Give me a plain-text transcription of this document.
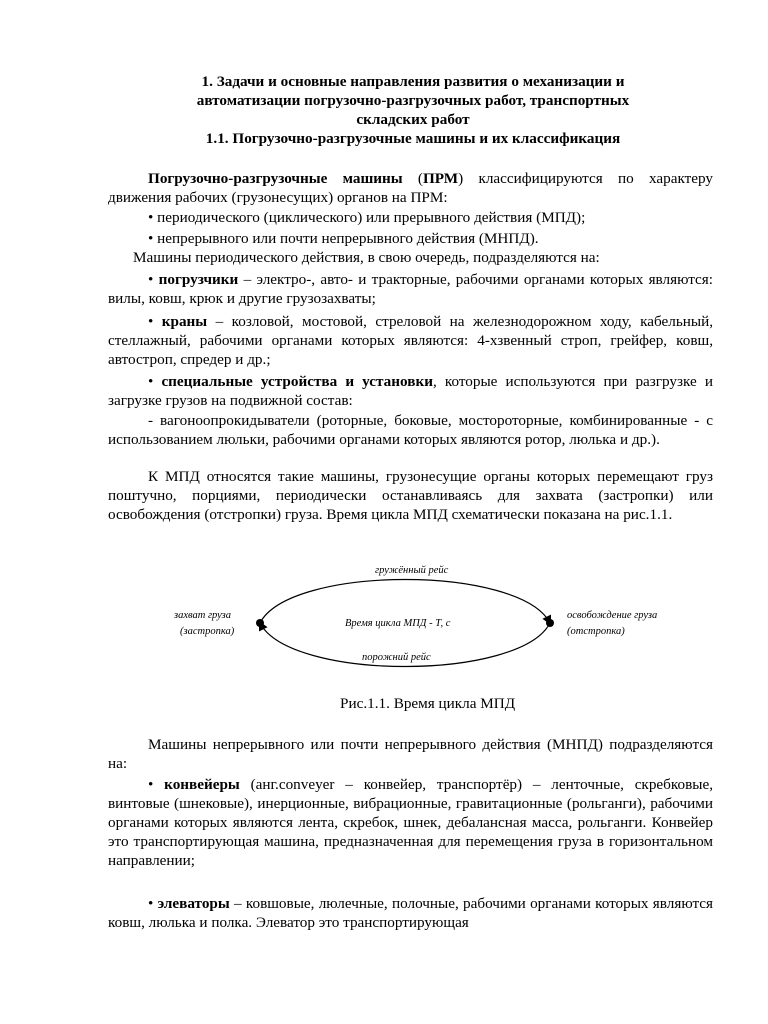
1. Задачи и основные направления развития о механизации и
автоматизации погрузочно-разгрузочных работ, транспортных
складских работ
1.1. Погрузочно-разгрузочные машины и их классификация
Погрузочно-разгрузочные машины (ПРМ) классифицируются по характеру движения рабочих (грузонесущих) органов на ПРМ:
• периодического (циклического) или прерывного действия (МПД);
• непрерывного или почти непрерывного действия (МНПД).
Машины периодического действия, в свою очередь, подразделяются на:
• погрузчики – электро-, авто- и тракторные, рабочими органами которых являются: вилы, ковш, крюк и другие грузозахваты;
• краны – козловой, мостовой, стреловой на железнодорожном ходу, кабельный, стеллажный, рабочими органами которых являются: 4-хзвенный строп, грейфер, ковш, автостроп, спредер и др.;
• специальные устройства и установки, которые используются при разгрузке и загрузке грузов на подвижной состав:
- вагоноопрокидыватели (роторные, боковые, мостороторные, комбинированные - с использованием люльки, рабочими органами которых являются ротор, люлька и др.).
К МПД относятся такие машины, грузонесущие органы которых перемещают груз поштучно, порциями, периодически останавливаясь для захвата (застропки) или освобождения (отстропки) груза. Время цикла МПД схематически показана на рис.1.1.
гружённый рейс
порожний рейс
Время цикла МПД - Т, с
захват груза
(застропка)
освобождение груза
(отстропка)
Рис.1.1. Время цикла МПД
Машины непрерывного или почти непрерывного действия (МНПД) подразделяются на:
• конвейеры (анг.conveyer – конвейер, транспортёр) – ленточные, скребковые, винтовые (шнековые), инерционные, вибрационные, гравитационные (рольганги), рабочими органами которых являются лента, скребок, шнек, дебалансная масса, рольганги. Конвейер это транспортирующая машина, предназначенная для перемещения груза в горизонтальном направлении;
• элеваторы – ковшовые, люлечные, полочные, рабочими органами которых являются ковш, люлька и полка. Элеватор это транспортирующая
